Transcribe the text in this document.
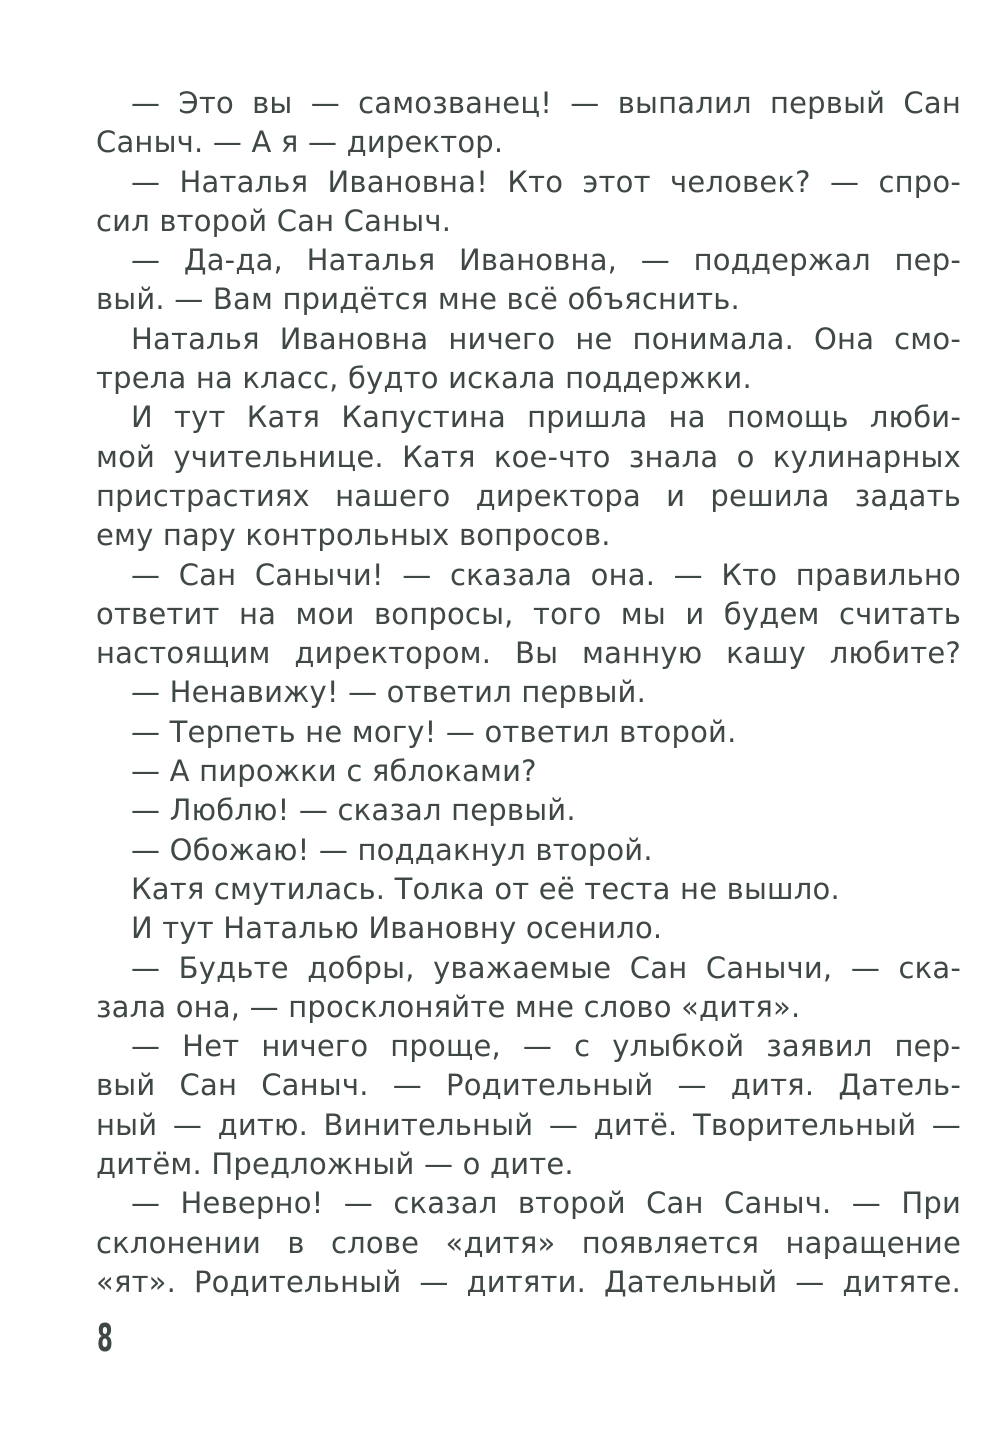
— Это вы — самозванец! — выпалил первый Сан
Саныч. — А я — директор.
— Наталья Ивановна! Кто этот человек? — спро-
сил второй Сан Саныч.
— Да-да, Наталья Ивановна, — поддержал пер-
вый. — Вам придётся мне всё объяснить.
Наталья Ивановна ничего не понимала. Она смо-
трела на класс, будто искала поддержки.
И тут Катя Капустина пришла на помощь люби-
мой учительнице. Катя кое-что знала о кулинарных
пристрастиях нашего директора и решила задать
ему пару контрольных вопросов.
— Сан Санычи! — сказала она. — Кто правильно
ответит на мои вопросы, того мы и будем считать
настоящим директором. Вы манную кашу любите?
— Ненавижу! — ответил первый.
— Терпеть не могу! — ответил второй.
— А пирожки с яблоками?
— Люблю! — сказал первый.
— Обожаю! — поддакнул второй.
Катя смутилась. Толка от её теста не вышло.
И тут Наталью Ивановну осенило.
— Будьте добры, уважаемые Сан Санычи, — ска-
зала она, — просклоняйте мне слово «дитя».
— Нет ничего проще, — с улыбкой заявил пер-
вый Сан Саныч. — Родительный — дитя. Датель-
ный — дитю. Винительный — дитё. Творительный —
дитём. Предложный — о дите.
— Неверно! — сказал второй Сан Саныч. — При
склонении в слове «дитя» появляется наращение
«ят». Родительный — дитяти. Дательный — дитяте.
8
